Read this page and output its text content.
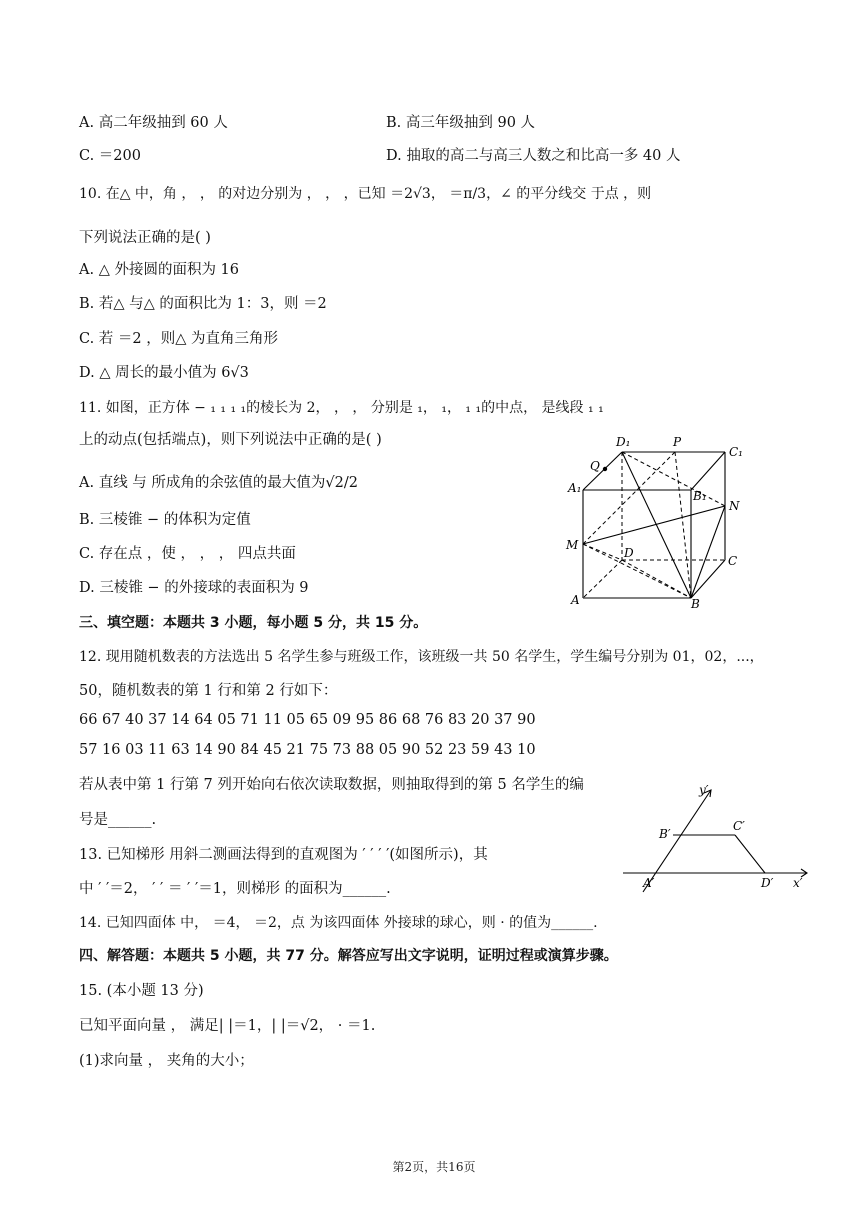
A. 高二年级抽到 60 人	B. 高三年级抽到 90 人
C. ＝200	D. 抽取的高二与高三人数之和比高一多 40 人
10. 在△ 中，角 ， ， 的对边分别为 ， ， ，已知 ＝2√3， ＝π/3，∠ 的平分线交 于点 ，则
下列说法正确的是( )
A. △ 外接圆的面积为 16
B. 若△ 与△ 的面积比为 1：3，则 ＝2
C. 若 ＝2 ，则△ 为直角三角形
D. △ 周长的最小值为 6√3
11. 如图，正方体 − ₁ ₁ ₁ ₁的棱长为 2， ， ， 分别是 ₁， ₁， ₁ ₁的中点， 是线段 ₁ ₁
上的动点(包括端点)，则下列说法中正确的是( )
A. 直线 与 所成角的余弦值的最大值为√2/2
B. 三棱锥 − 的体积为定值
C. 存在点 ，使 ， ， ， 四点共面
D. 三棱锥 − 的外接球的表面积为 9
D₁	P
C₁
Q
A₁
B₁
N
M
D
C
A	B
三、填空题：本题共 3 小题，每小题 5 分，共 15 分。
12. 现用随机数表的方法选出 5 名学生参与班级工作，该班级一共 50 名学生，学生编号分别为 01，02，...，
50，随机数表的第 1 行和第 2 行如下：
66 67 40 37 14 64 05 71 11 05 65 09 95 86 68 76 83 20 37 90
57 16 03 11 63 14 90 84 45 21 75 73 88 05 90 52 23 59 43 10
若从表中第 1 行第 7 列开始向右依次读取数据，则抽取得到的第 5 名学生的编
号是______.
13. 已知梯形 用斜二测画法得到的直观图为 ′ ′ ′ ′(如图所示)，其
中 ′ ′＝2， ′ ′ ＝ ′ ′＝1，则梯形 的面积为______.
y′
B′
C′
A′	D′ x′
14. 已知四面体 中， ＝4， ＝2，点 为该四面体 外接球的球心，则 · 的值为______.
四、解答题：本题共 5 小题，共 77 分。解答应写出文字说明，证明过程或演算步骤。
15. (本小题 13 分)
已知平面向量 ， 满足| |＝1，| |＝√2， · ＝1.
(1)求向量 ， 夹角的大小；
第2页，共16页
